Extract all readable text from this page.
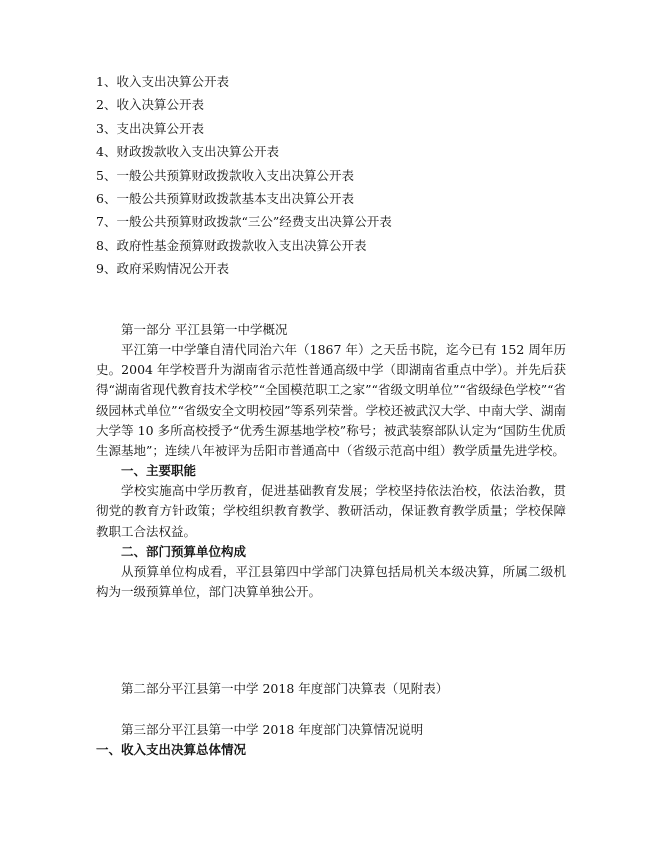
1、收入支出决算公开表
2、收入决算公开表
3、支出决算公开表
4、财政拨款收入支出决算公开表
5、一般公共预算财政拨款收入支出决算公开表
6、一般公共预算财政拨款基本支出决算公开表
7、一般公共预算财政拨款“三公”经费支出决算公开表
8、政府性基金预算财政拨款收入支出决算公开表
9、政府采购情况公开表
第一部分 平江县第一中学概况

平江第一中学肇自清代同治六年（1867 年）之天岳书院，迄今已有 152 周年历史。2004 年学校晋升为湖南省示范性普通高级中学（即湖南省重点中学）。并先后获得“湖南省现代教育技术学校”“全国模范职工之家”“省级文明单位”“省级绿色学校”“省级园林式单位”“省级安全文明校园”等系列荣誉。学校还被武汉大学、中南大学、湖南大学等 10 多所高校授予“优秀生源基地学校”称号；被武装察部队认定为“国防生优质生源基地”；连续八年被评为岳阳市普通高中（省级示范高中组）教学质量先进学校。

一、主要职能

学校实施高中学历教育，促进基础教育发展；学校坚持依法治校，依法治教，贯彻党的教育方针政策；学校组织教育教学、教研活动，保证教育教学质量；学校保障教职工合法权益。

二、部门预算单位构成

从预算单位构成看，平江县第四中学部门决算包括局机关本级决算，所属二级机构为一级预算单位，部门决算单独公开。

第二部分平江县第一中学 2018 年度部门决算表（见附表）
第三部分平江县第一中学 2018 年度部门决算情况说明
一、收入支出决算总体情况
